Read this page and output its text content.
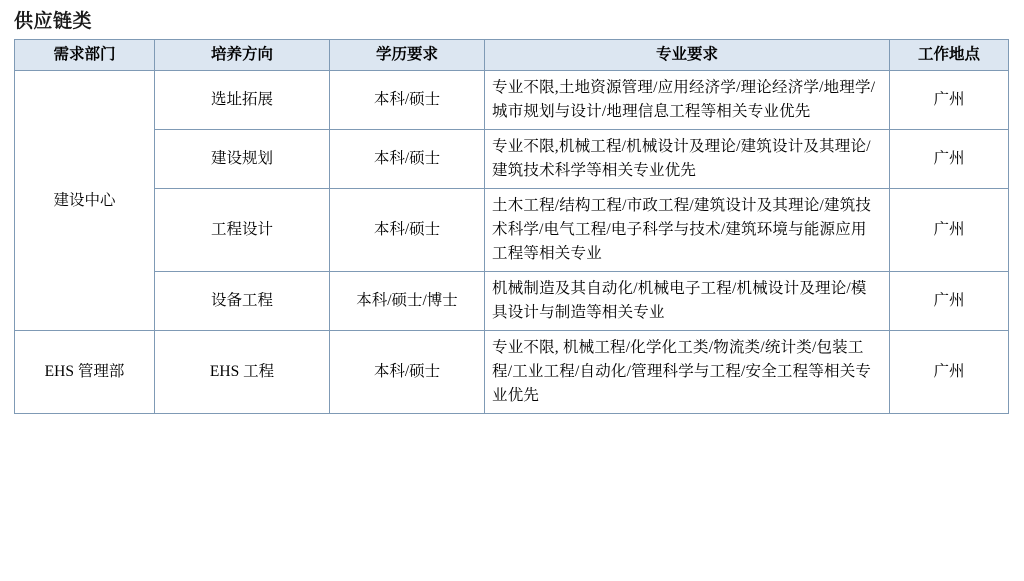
供应链类
需求部门	培养方向	学历要求	专业要求	工作地点
建设中心	选址拓展	本科/硕士	专业不限,土地资源管理/应用经济学/理论经济学/地理学/城市规划与设计/地理信息工程等相关专业优先	广州
	建设规划	本科/硕士	专业不限,机械工程/机械设计及理论/建筑设计及其理论/建筑技术科学等相关专业优先	广州
	工程设计	本科/硕士	土木工程/结构工程/市政工程/建筑设计及其理论/建筑技术科学/电气工程/电子科学与技术/建筑环境与能源应用工程等相关专业	广州
	设备工程	本科/硕士/博士	机械制造及其自动化/机械电子工程/机械设计及理论/模具设计与制造等相关专业	广州
EHS 管理部	EHS 工程	本科/硕士	专业不限, 机械工程/化学化工类/物流类/统计类/包装工程/工业工程/自动化/管理科学与工程/安全工程等相关专业优先	广州
